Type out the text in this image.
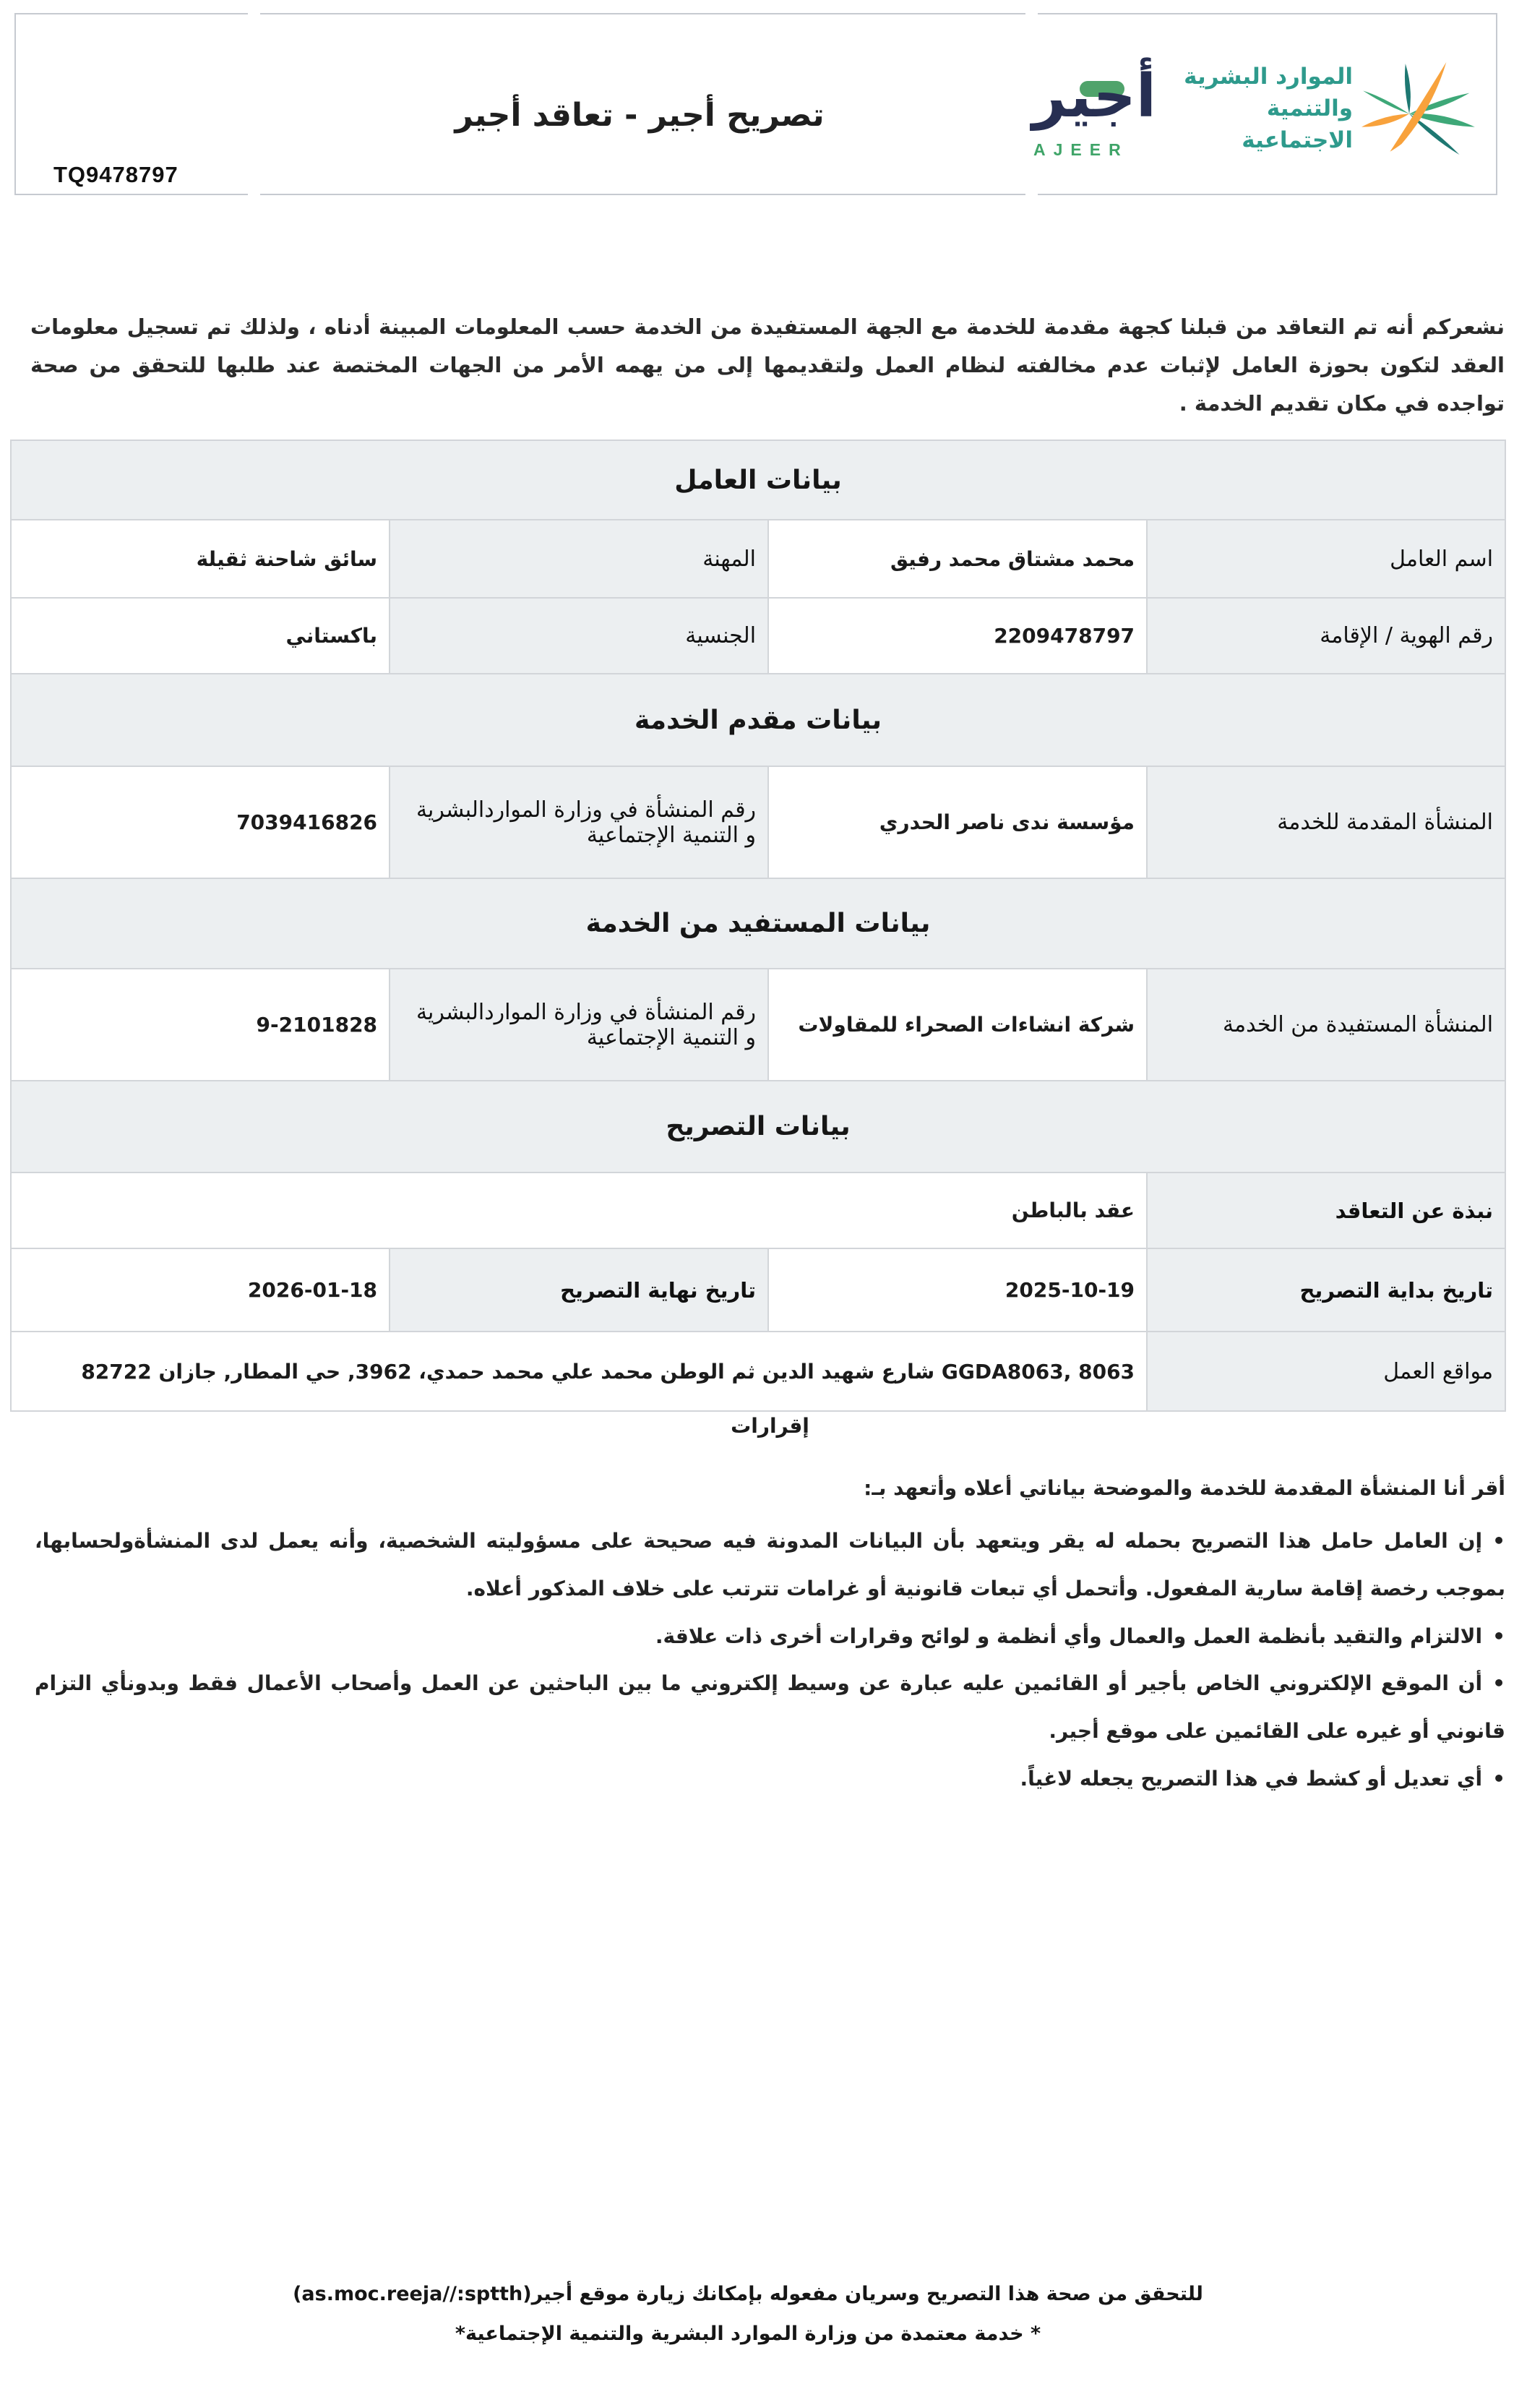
TQ9478797
تصريح أجير - تعاقد أجير	أجير
AJEER
الموارد البشرية
والتنمية الاجتماعية
نشعركم أنه تم التعاقد من قبلنا كجهة مقدمة للخدمة مع الجهة المستفيدة من الخدمة حسب المعلومات المبينة أدناه ، ولذلك تم تسجيل معلومات العقد لتكون بحوزة العامل لإثبات عدم مخالفته لنظام العمل ولتقديمها إلى من يهمه الأمر من الجهات المختصة عند طلبها للتحقق من صحة تواجده في مكان تقديم الخدمة .
بيانات العامل			
اسم العامل	محمد مشتاق محمد رفيق	المهنة	سائق شاحنة ثقيلة
رقم الهوية / الإقامة	2209478797	الجنسية	باكستاني
بيانات مقدم الخدمة			
المنشأة المقدمة للخدمة	مؤسسة ندى ناصر الحدري	رقم المنشأة في وزارة المواردالبشرية و التنمية الإجتماعية	7039416826
بيانات المستفيد من الخدمة			
المنشأة المستفيدة من الخدمة	شركة انشاءات الصحراء للمقاولات	رقم المنشأة في وزارة المواردالبشرية و التنمية الإجتماعية	9-2101828
بيانات التصريح			
نبذة عن التعاقد	عقد بالباطن		
تاريخ بداية التصريح	2025-10-19	تاريخ نهاية التصريح	2026-01-18
مواقع العمل	GGDA8063, 8063 شارع شهيد الدين ثم الوطن محمد علي محمد حمدي، 3962, حي المطار, جازان 82722		
إقرارات

أقر أنا المنشأة المقدمة للخدمة والموضحة بياناتي أعلاه وأتعهد بـ:

• إن العامل حامل هذا التصريح بحمله له يقر ويتعهد بأن البيانات المدونة فيه صحيحة على مسؤوليته الشخصية، وأنه يعمل لدى المنشأةولحسابها، بموجب رخصة إقامة سارية المفعول. وأتحمل أي تبعات قانونية أو غرامات تترتب على خلاف المذكور أعلاه.

• الالتزام والتقيد بأنظمة العمل والعمال وأي أنظمة و لوائح وقرارات أخرى ذات علاقة.

• أن الموقع الإلكتروني الخاص بأجير أو القائمين عليه عبارة عن وسيط إلكتروني ما بين الباحثين عن العمل وأصحاب الأعمال فقط وبدونأي التزام قانوني أو غيره على القائمين على موقع أجير.

• أي تعديل أو كشط في هذا التصريح يجعله لاغياً.

للتحقق من صحة هذا التصريح وسريان مفعوله بإمكانك زيارة موقع أجير(as.moc.reeja//:sptth)
* خدمة معتمدة من وزارة الموارد البشرية والتنمية الإجتماعية*
